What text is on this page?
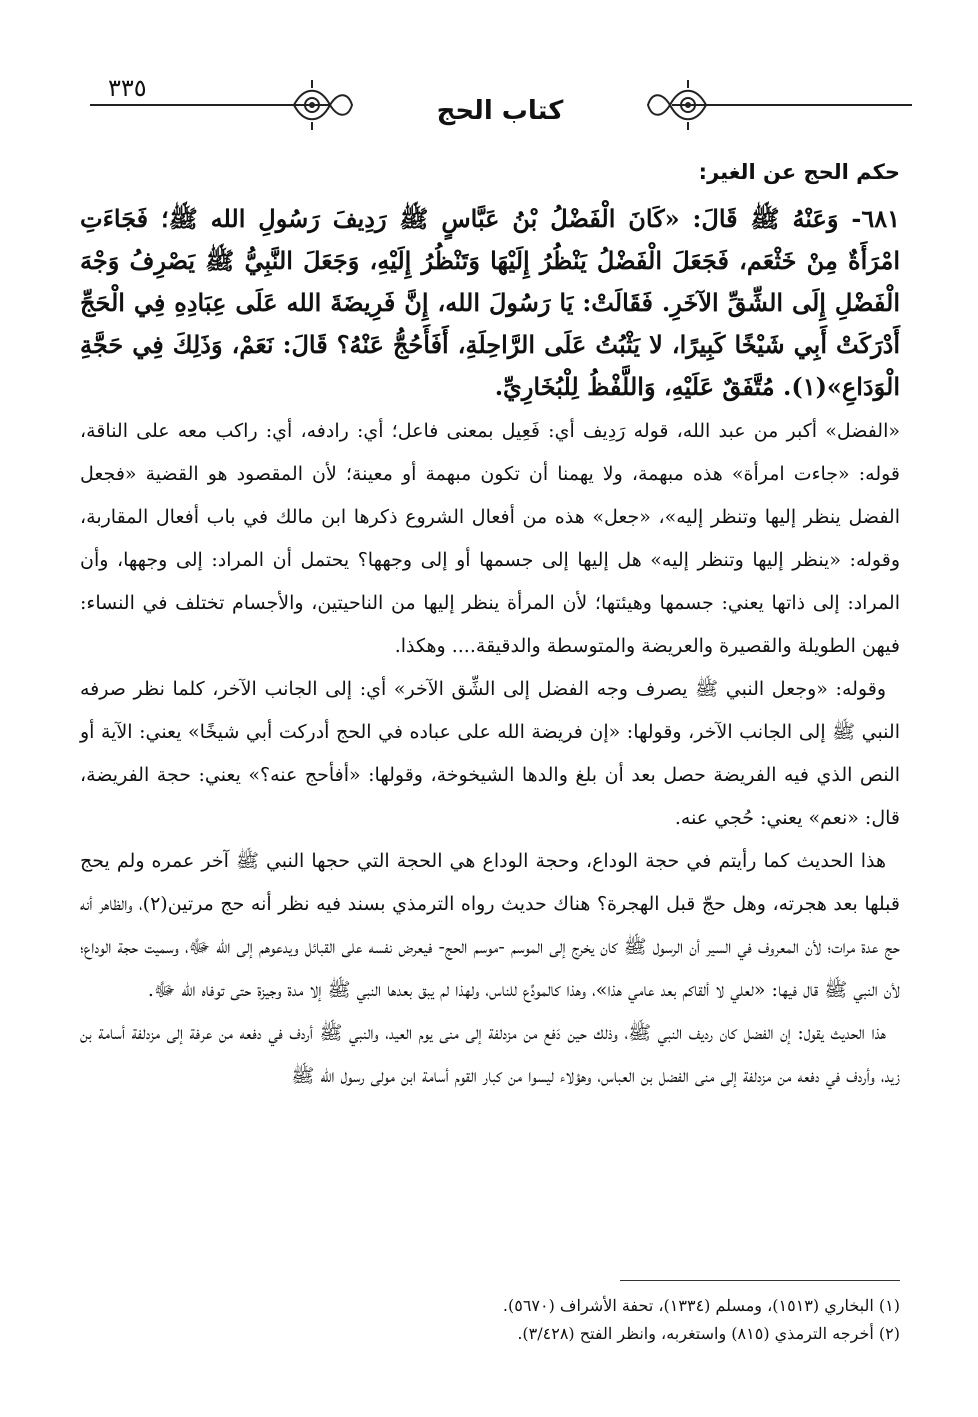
٣٣٥
كتاب الحج

حكم الحج عن الغير:

٦٨١- وَعَنْهُ ﷺ قَالَ: «كَانَ الْفَضْلُ بْنُ عَبَّاسٍ ﷺ رَدِيفَ رَسُولِ الله ﷺ؛ فَجَاءَتِ امْرَأَةٌ مِنْ خَثْعَم، فَجَعَلَ الْفَضْلُ يَنْظُرُ إِلَيْهَا وَتَنْظُرُ إِلَيْهِ، وَجَعَلَ النَّبِيُّ ﷺ يَصْرِفُ وَجْهَ الْفَضْلِ إِلَى الشِّقِّ الآخَرِ. فَقَالَتْ: يَا رَسُولَ الله، إِنَّ فَرِيضَةَ الله عَلَى عِبَادِهِ فِي الْحَجِّ أَدْرَكَتْ أَبِي شَيْخًا كَبِيرًا، لا يَثْبُتُ عَلَى الرَّاحِلَةِ، أَفَأَحُجُّ عَنْهُ؟ قَالَ: نَعَمْ، وَذَلِكَ فِي حَجَّةِ الْوَدَاعِ»(١). مُتَّفَقٌ عَلَيْهِ، وَاللَّفْظُ لِلْبُخَارِيِّ.

«الفضل» أكبر من عبد الله، قوله رَدِيف أي: فَعِيل بمعنى فاعل؛ أي: رادفه، أي: راكب معه على الناقة، قوله: «جاءت امرأة» هذه مبهمة، ولا يهمنا أن تكون مبهمة أو معينة؛ لأن المقصود هو القضية «فجعل الفضل ينظر إليها وتنظر إليه»، «جعل» هذه من أفعال الشروع ذكرها ابن مالك في باب أفعال المقاربة، وقوله: «ينظر إليها وتنظر إليه» هل إليها إلى جسمها أو إلى وجهها؟ يحتمل أن المراد: إلى وجهها، وأن المراد: إلى ذاتها يعني: جسمها وهيئتها؛ لأن المرأة ينظر إليها من الناحيتين، والأجسام تختلف في النساء: فيهن الطويلة والقصيرة والعريضة والمتوسطة والدقيقة.... وهكذا.

وقوله: «وجعل النبي ﷺ يصرف وجه الفضل إلى الشِّق الآخر» أي: إلى الجانب الآخر، كلما نظر صرفه النبي ﷺ إلى الجانب الآخر، وقولها: «إن فريضة الله على عباده في الحج أدركت أبي شيخًا» يعني: الآية أو النص الذي فيه الفريضة حصل بعد أن بلغ والدها الشيخوخة، وقولها: «أفأحج عنه؟» يعني: حجة الفريضة، قال: «نعم» يعني: حُجي عنه.

هذا الحديث كما رأيتم في حجة الوداع، وحجة الوداع هي الحجة التي حجها النبي ﷺ آخر عمره ولم يحج قبلها بعد هجرته، وهل حجّ قبل الهجرة؟ هناك حديث رواه الترمذي بسند فيه نظر أنه حج مرتين(٢)، والظاهر أنه حج عدة مرات؛ لأن المعروف في السير أن الرسول ﷺ كان يخرج إلى الموسم -موسم الحج- فيعرض نفسه على القبائل ويدعوهم إلى الله ﷻ، وسميت حجة الوداع؛ لأن النبي ﷺ قال فيها: «لعلي لا ألقاكم بعد عامي هذا»، وهذا كالمودِّع للناس، ولهذا لم يبق بعدها النبي ﷺ إلا مدة وجيزة حتى توفاه الله ﷻ.

هذا الحديث يقول: إن الفضل كان رديف النبي ﷺ، وذلك حين دَفع من مزدلفة إلى منى يوم العيد، والنبي ﷺ أردف في دفعه من عرفة إلى مزدلفة أسامة بن زيد، وأردف في دفعه من مزدلفة إلى منى الفضل بن العباس، وهؤلاء ليسوا من كبار القوم أسامة ابن مولى رسول الله ﷺ

(١) البخاري (١٥١٣)، ومسلم (١٣٣٤)، تحفة الأشراف (٥٦٧٠).

(٢) أخرجه الترمذي (٨١٥) واستغربه، وانظر الفتح (٣/٤٢٨).
